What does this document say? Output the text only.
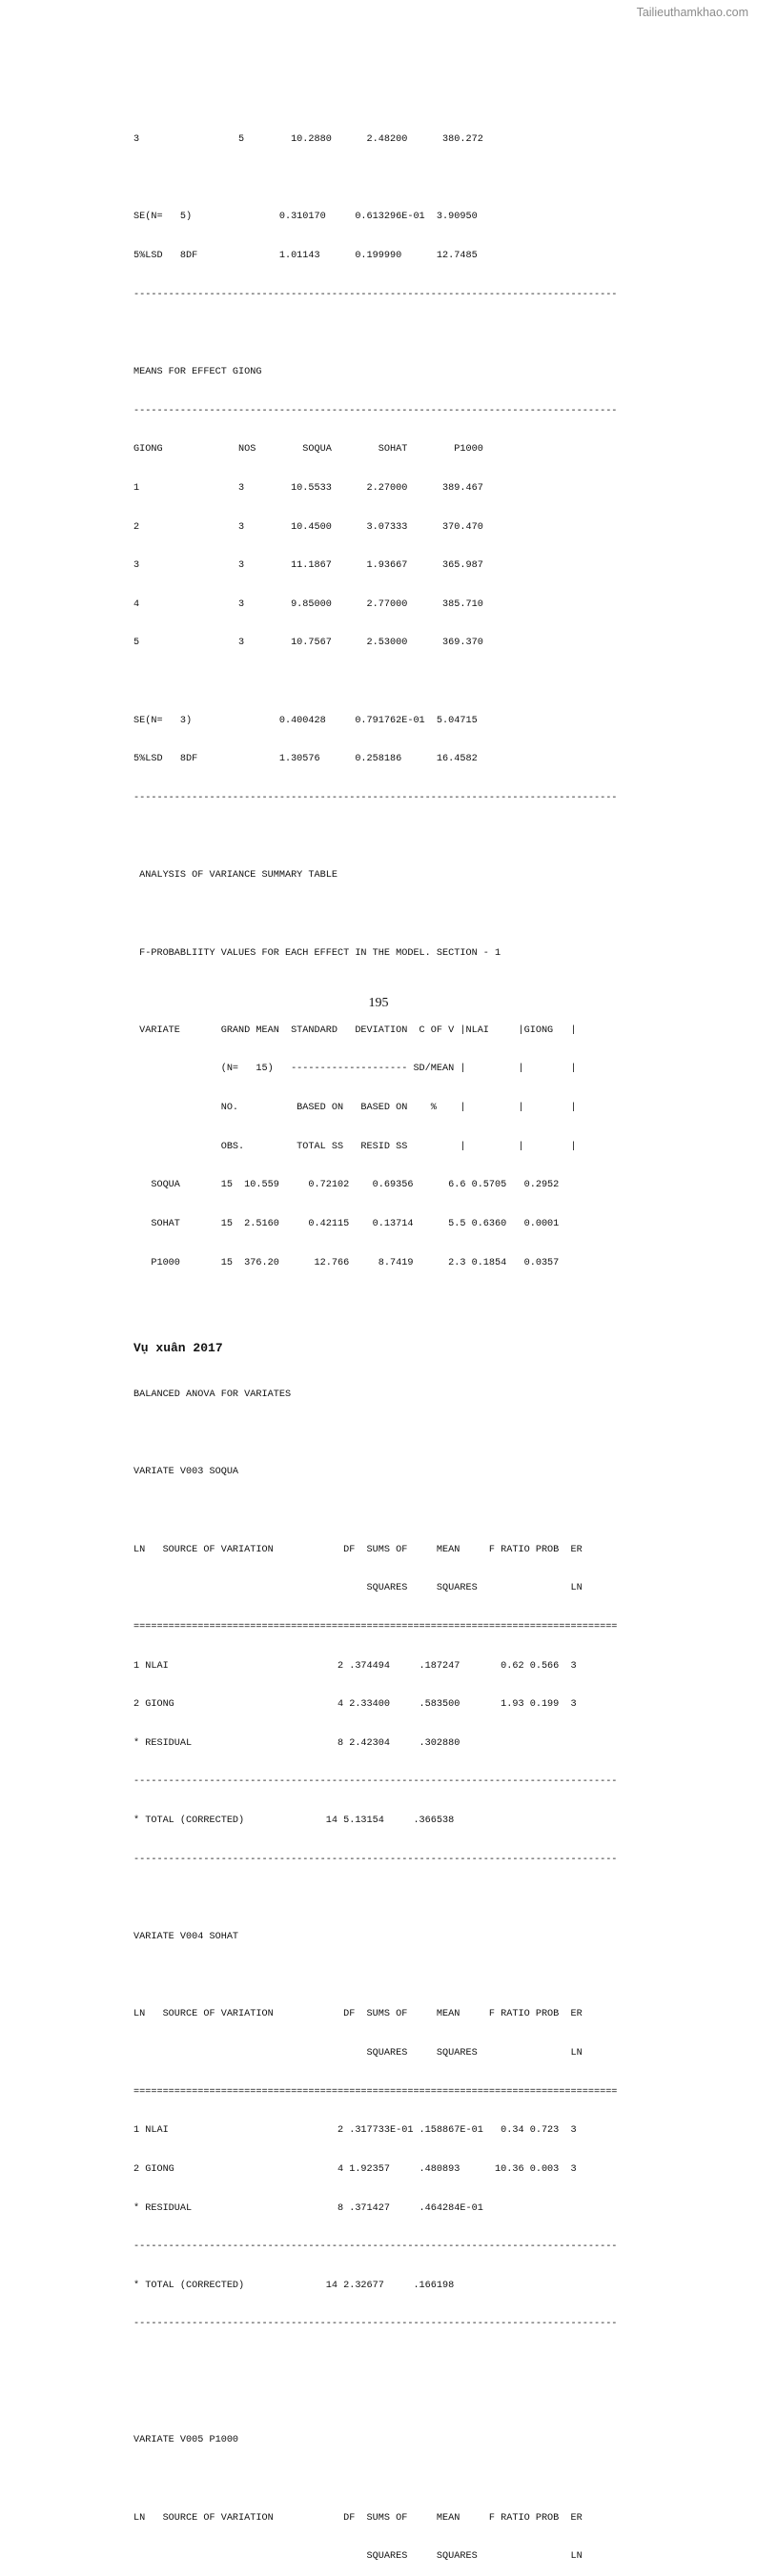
Tailieuthamkhao.com

3                 5        10.2880      2.48200      380.272

SE(N=   5)               0.310170     0.613296E-01  3.90950

5%LSD   8DF              1.01143      0.199990      12.7485

-----------------------------------------------------------------------------------

MEANS FOR EFFECT GIONG

-----------------------------------------------------------------------------------

GIONG             NOS        SOQUA        SOHAT        P1000

1                 3        10.5533      2.27000      389.467

2                 3        10.4500      3.07333      370.470

3                 3        11.1867      1.93667      365.987

4                 3        9.85000      2.77000      385.710

5                 3        10.7567      2.53000      369.370

SE(N=   3)               0.400428     0.791762E-01  5.04715

5%LSD   8DF              1.30576      0.258186      16.4582

-----------------------------------------------------------------------------------

ANALYSIS OF VARIANCE SUMMARY TABLE

F-PROBABLIITY VALUES FOR EACH EFFECT IN THE MODEL. SECTION - 1

VARIATE       GRAND MEAN  STANDARD   DEVIATION  C OF V |NLAI     |GIONG   |

(N=   15)   -------------------- SD/MEAN |         |        |

NO.          BASED ON   BASED ON    %    |         |        |

OBS.         TOTAL SS   RESID SS         |         |        |

SOQUA       15  10.559     0.72102    0.69356      6.6 0.5705   0.2952

SOHAT       15  2.5160     0.42115    0.13714      5.5 0.6360   0.0001

P1000       15  376.20      12.766     8.7419      2.3 0.1854   0.0357

Vụ xuân 2017

BALANCED ANOVA FOR VARIATES

VARIATE V003 SOQUA

LN   SOURCE OF VARIATION            DF  SUMS OF     MEAN     F RATIO PROB  ER

SQUARES     SQUARES                LN

===================================================================================

1 NLAI                             2 .374494     .187247       0.62 0.566  3

2 GIONG                            4 2.33400     .583500       1.93 0.199  3

* RESIDUAL                         8 2.42304     .302880

-----------------------------------------------------------------------------------

* TOTAL (CORRECTED)              14 5.13154     .366538

-----------------------------------------------------------------------------------

VARIATE V004 SOHAT

LN   SOURCE OF VARIATION            DF  SUMS OF     MEAN     F RATIO PROB  ER

SQUARES     SQUARES                LN

===================================================================================

1 NLAI                             2 .317733E-01 .158867E-01   0.34 0.723  3

2 GIONG                            4 1.92357     .480893      10.36 0.003  3

* RESIDUAL                         8 .371427     .464284E-01

-----------------------------------------------------------------------------------

* TOTAL (CORRECTED)              14 2.32677     .166198

-----------------------------------------------------------------------------------

VARIATE V005 P1000

LN   SOURCE OF VARIATION            DF  SUMS OF     MEAN     F RATIO PROB  ER

SQUARES     SQUARES                LN

195
